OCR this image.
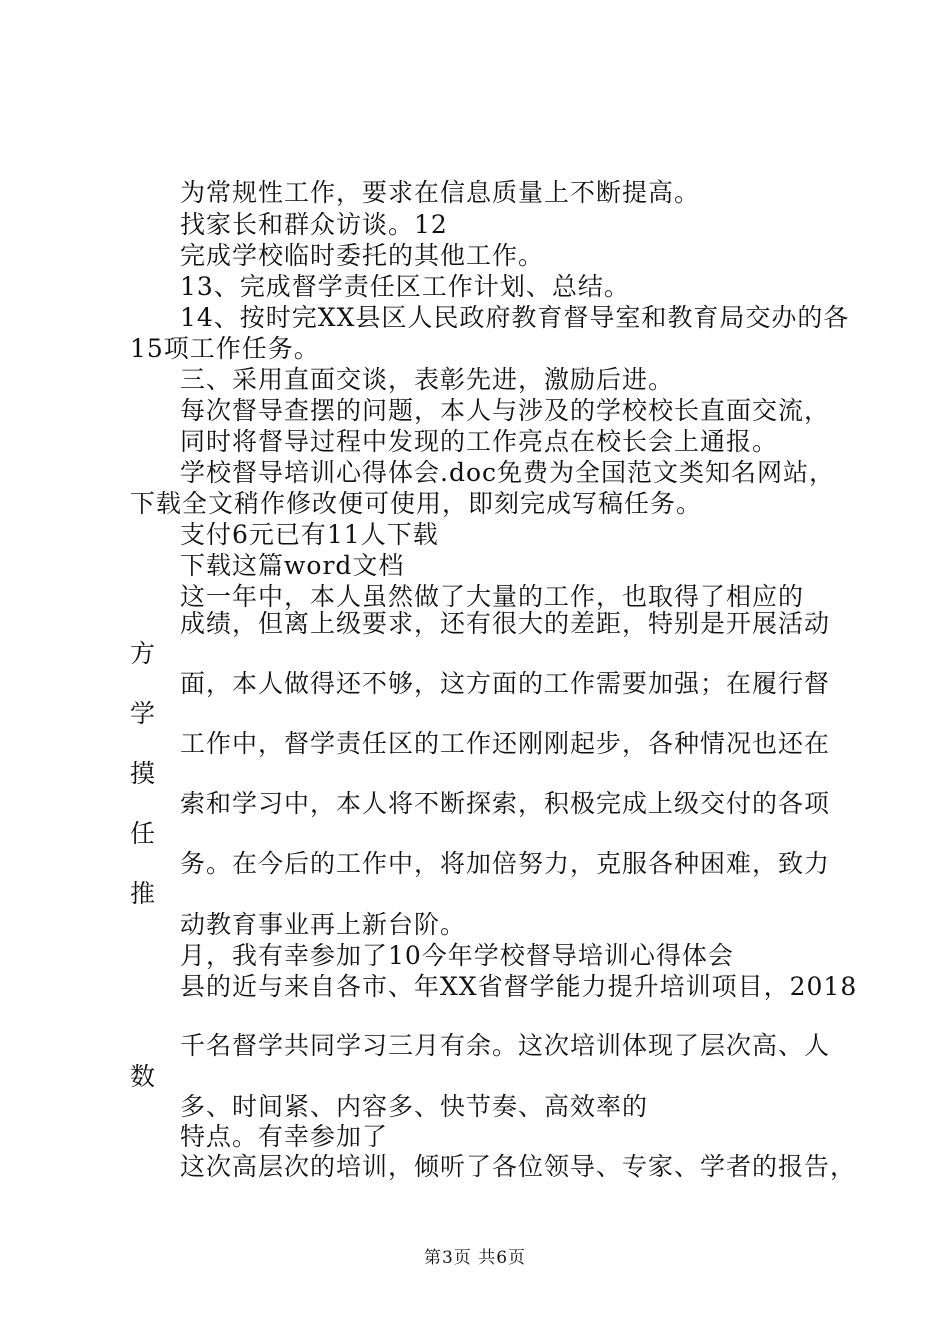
为常规性工作，要求在信息质量上不断提高。
找家长和群众访谈。12
完成学校临时委托的其他工作。
13、完成督学责任区工作计划、总结。
14、按时完XX县区人民政府教育督导室和教育局交办的各
15项工作任务。
三、采用直面交谈，表彰先进，激励后进。
每次督导查摆的问题，本人与涉及的学校校长直面交流，
同时将督导过程中发现的工作亮点在校长会上通报。
学校督导培训心得体会.doc免费为全国范文类知名网站，
下载全文稍作修改便可使用，即刻完成写稿任务。
支付6元已有11人下载
下载这篇word文档
这一年中，本人虽然做了大量的工作，也取得了相应的
成绩，但离上级要求，还有很大的差距，特别是开展活动
方
面，本人做得还不够，这方面的工作需要加强；在履行督
学
工作中，督学责任区的工作还刚刚起步，各种情况也还在
摸
索和学习中，本人将不断探索，积极完成上级交付的各项
任
务。在今后的工作中，将加倍努力，克服各种困难，致力
推
动教育事业再上新台阶。
月，我有幸参加了10今年学校督导培训心得体会
县的近与来自各市、年XX省督学能力提升培训项目，2018
千名督学共同学习三月有余。这次培训体现了层次高、人
数
多、时间紧、内容多、快节奏、高效率的
特点。有幸参加了
这次高层次的培训，倾听了各位领导、专家、学者的报告，
第3页 共6页
